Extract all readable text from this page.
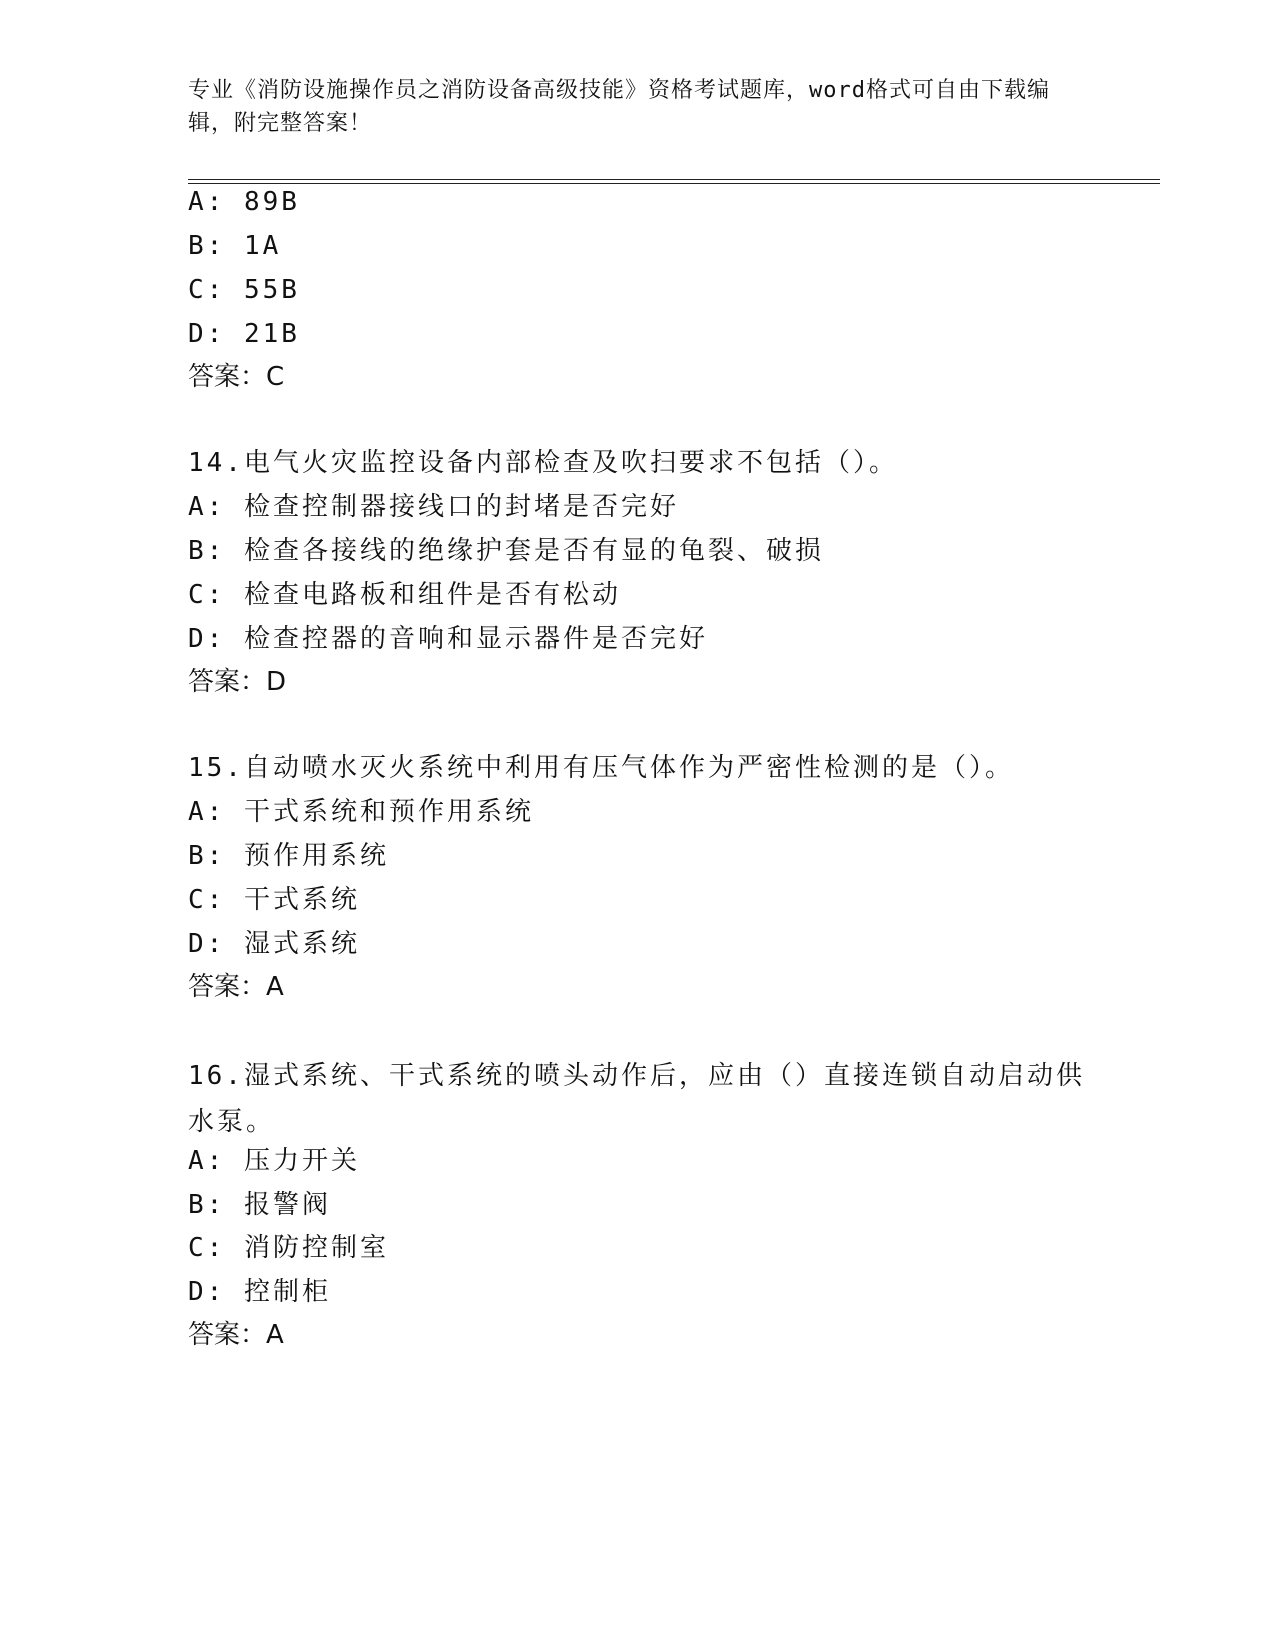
专业《消防设施操作员之消防设备高级技能》资格考试题库，word格式可自由下载编辑，附完整答案！
A: 89B
B: 1A
C: 55B
D: 21B
答案：C
14.电气火灾监控设备内部检查及吹扫要求不包括（）。
A: 检查控制器接线口的封堵是否完好
B: 检查各接线的绝缘护套是否有显的龟裂、破损
C: 检查电路板和组件是否有松动
D: 检查控器的音响和显示器件是否完好
答案：D
15.自动喷水灭火系统中利用有压气体作为严密性检测的是（）。
A: 干式系统和预作用系统
B: 预作用系统
C: 干式系统
D: 湿式系统
答案：A
16.湿式系统、干式系统的喷头动作后，应由（）直接连锁自动启动供水泵。
A: 压力开关
B: 报警阀
C: 消防控制室
D: 控制柜
答案：A
